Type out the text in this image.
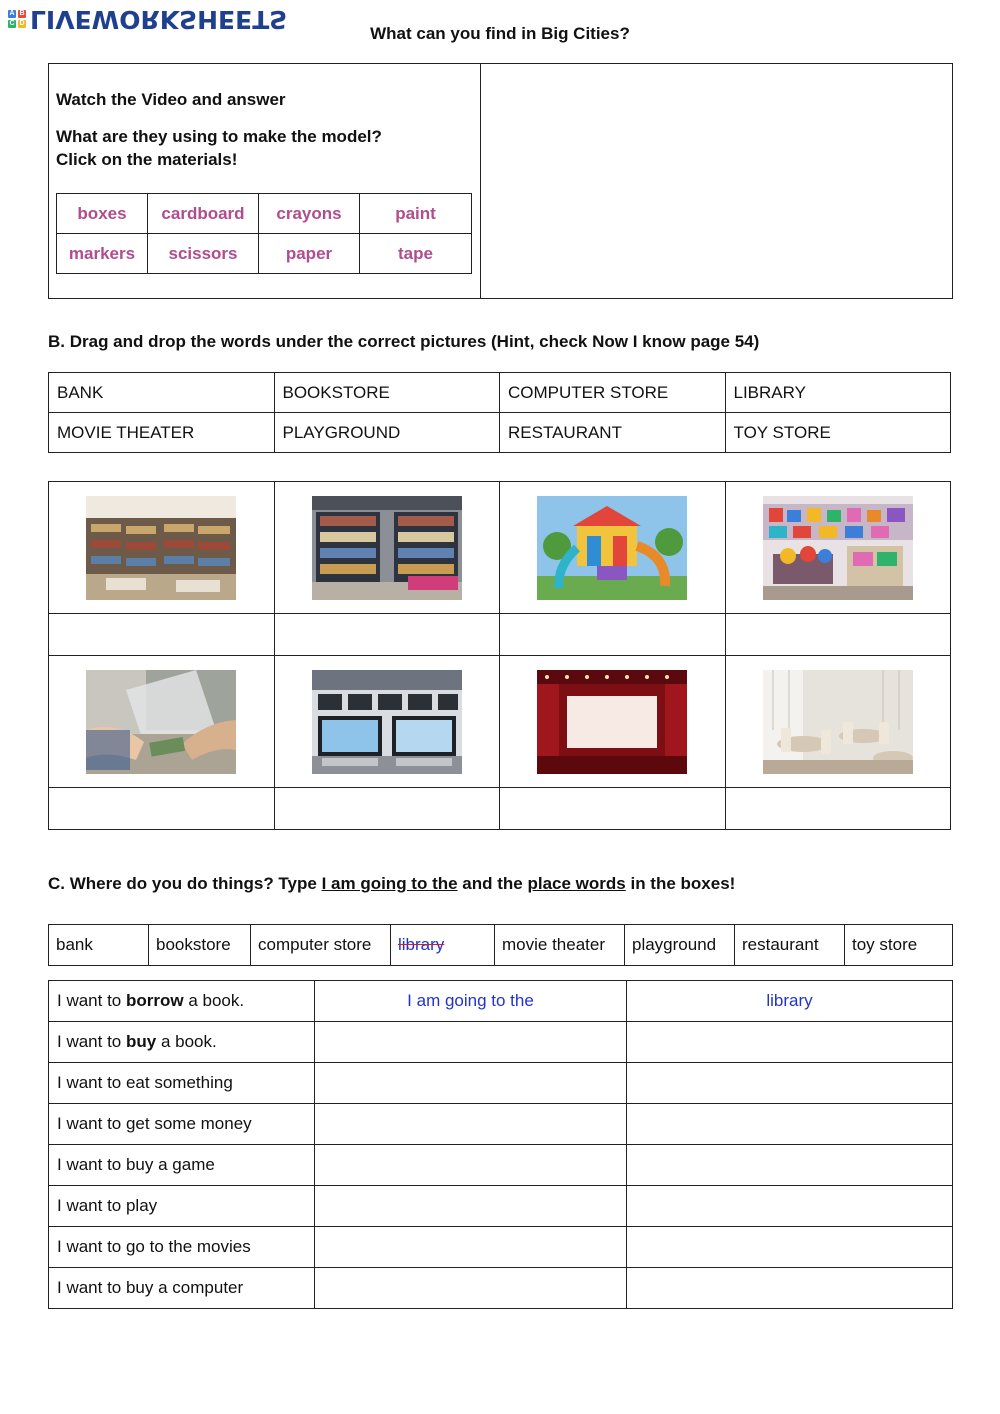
A B
C D LIVEWORKSHEETS	What can you find in Big Cities?
Watch the Video and answer
What are they using to make the model?
Click on the materials!
boxes	cardboard	crayons	paint
markers	scissors	paper	tape
B. Drag and drop the words under the correct pictures (Hint, check Now I know page 54)
BANK	BOOKSTORE	COMPUTER STORE	LIBRARY
MOVIE THEATER	PLAYGROUND	RESTAURANT	TOY STORE

C. Where do you do things? Type I am going to the and the place words in the boxes!
bank	bookstore	computer store	library	movie theater	playground	restaurant	toy store
I want to borrow a book.	I am going to the	library
I want to buy a book.		
I want to eat something		
I want to get some money		
I want to buy a game		
I want to play		
I want to go to the movies		
I want to buy a computer		
